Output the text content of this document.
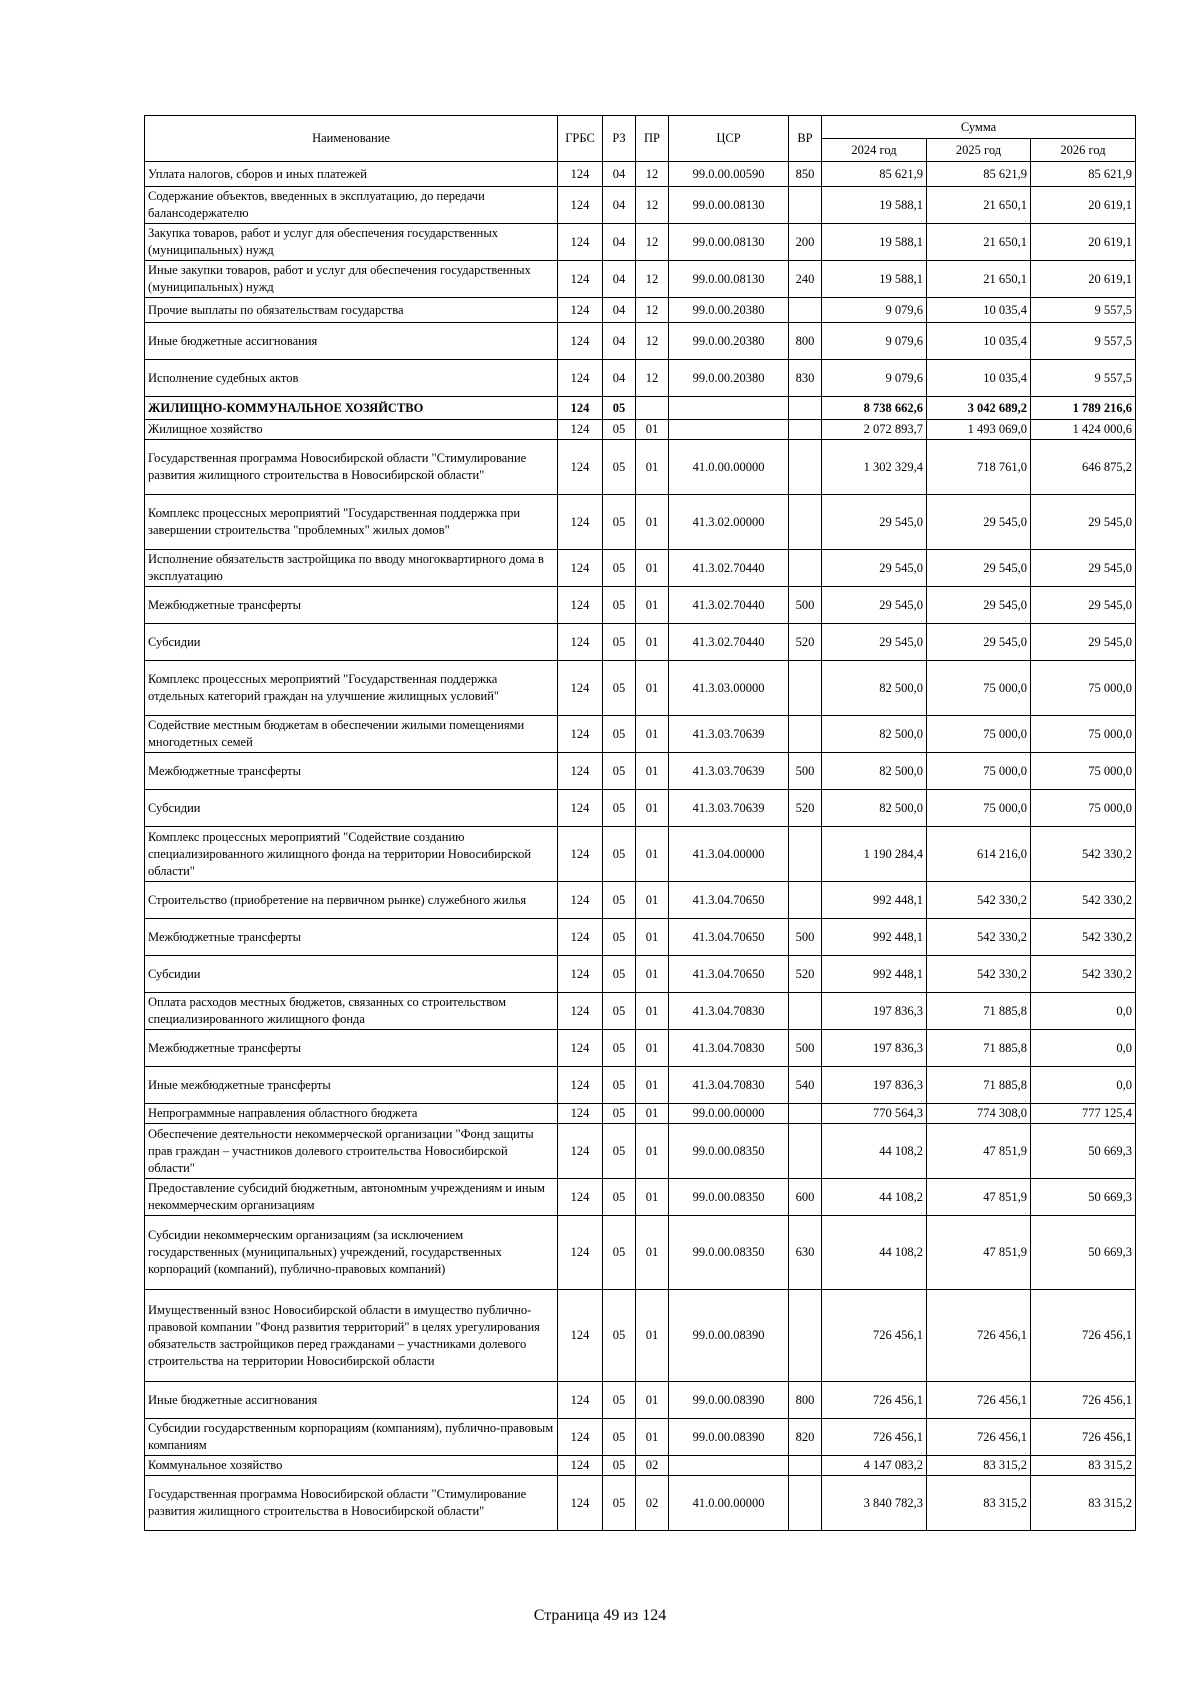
Наименование	ГРБС	РЗ	ПР	ЦСР	ВР	Сумма		
						2024 год	2025 год	2026 год
Уплата налогов, сборов и иных платежей	124	04	12	99.0.00.00590	850	85 621,9	85 621,9	85 621,9
Содержание объектов, введенных в эксплуатацию, до передачи балансодержателю	124	04	12	99.0.00.08130		19 588,1	21 650,1	20 619,1
Закупка товаров, работ и услуг для обеспечения государственных (муниципальных) нужд	124	04	12	99.0.00.08130	200	19 588,1	21 650,1	20 619,1
Иные закупки товаров, работ и услуг для обеспечения государственных (муниципальных) нужд	124	04	12	99.0.00.08130	240	19 588,1	21 650,1	20 619,1
Прочие выплаты по обязательствам государства	124	04	12	99.0.00.20380		9 079,6	10 035,4	9 557,5
Иные бюджетные ассигнования	124	04	12	99.0.00.20380	800	9 079,6	10 035,4	9 557,5
Исполнение судебных актов	124	04	12	99.0.00.20380	830	9 079,6	10 035,4	9 557,5
ЖИЛИЩНО-КОММУНАЛЬНОЕ ХОЗЯЙСТВО	124	05				8 738 662,6	3 042 689,2	1 789 216,6
Жилищное хозяйство	124	05	01			2 072 893,7	1 493 069,0	1 424 000,6
Государственная программа Новосибирской области "Стимулирование развития жилищного строительства в Новосибирской области"	124	05	01	41.0.00.00000		1 302 329,4	718 761,0	646 875,2
Комплекс процессных мероприятий "Государственная поддержка при завершении строительства "проблемных" жилых домов"	124	05	01	41.3.02.00000		29 545,0	29 545,0	29 545,0
Исполнение обязательств застройщика по вводу многоквартирного дома в эксплуатацию	124	05	01	41.3.02.70440		29 545,0	29 545,0	29 545,0
Межбюджетные трансферты	124	05	01	41.3.02.70440	500	29 545,0	29 545,0	29 545,0
Субсидии	124	05	01	41.3.02.70440	520	29 545,0	29 545,0	29 545,0
Комплекс процессных мероприятий "Государственная поддержка отдельных категорий граждан на улучшение жилищных условий"	124	05	01	41.3.03.00000		82 500,0	75 000,0	75 000,0
Содействие местным бюджетам в обеспечении жилыми помещениями многодетных семей	124	05	01	41.3.03.70639		82 500,0	75 000,0	75 000,0
Межбюджетные трансферты	124	05	01	41.3.03.70639	500	82 500,0	75 000,0	75 000,0
Субсидии	124	05	01	41.3.03.70639	520	82 500,0	75 000,0	75 000,0
Комплекс процессных мероприятий "Содействие созданию специализированного жилищного фонда на территории Новосибирской области"	124	05	01	41.3.04.00000		1 190 284,4	614 216,0	542 330,2
Строительство (приобретение на первичном рынке) служебного жилья	124	05	01	41.3.04.70650		992 448,1	542 330,2	542 330,2
Межбюджетные трансферты	124	05	01	41.3.04.70650	500	992 448,1	542 330,2	542 330,2
Субсидии	124	05	01	41.3.04.70650	520	992 448,1	542 330,2	542 330,2
Оплата расходов местных бюджетов, связанных со строительством специализированного жилищного фонда	124	05	01	41.3.04.70830		197 836,3	71 885,8	0,0
Межбюджетные трансферты	124	05	01	41.3.04.70830	500	197 836,3	71 885,8	0,0
Иные межбюджетные трансферты	124	05	01	41.3.04.70830	540	197 836,3	71 885,8	0,0
Непрограммные направления областного бюджета	124	05	01	99.0.00.00000		770 564,3	774 308,0	777 125,4
Обеспечение деятельности некоммерческой организации "Фонд защиты прав граждан – участников долевого строительства Новосибирской области"	124	05	01	99.0.00.08350		44 108,2	47 851,9	50 669,3
Предоставление субсидий бюджетным, автономным учреждениям и иным некоммерческим организациям	124	05	01	99.0.00.08350	600	44 108,2	47 851,9	50 669,3
Субсидии некоммерческим организациям (за исключением государственных (муниципальных) учреждений, государственных корпораций (компаний), публично-правовых компаний)	124	05	01	99.0.00.08350	630	44 108,2	47 851,9	50 669,3
Имущественный взнос Новосибирской области в имущество публично-правовой компании "Фонд развития территорий" в целях урегулирования обязательств застройщиков перед гражданами – участниками долевого строительства на территории Новосибирской области	124	05	01	99.0.00.08390		726 456,1	726 456,1	726 456,1
Иные бюджетные ассигнования	124	05	01	99.0.00.08390	800	726 456,1	726 456,1	726 456,1
Субсидии государственным корпорациям (компаниям), публично-правовым компаниям	124	05	01	99.0.00.08390	820	726 456,1	726 456,1	726 456,1
Коммунальное хозяйство	124	05	02			4 147 083,2	83 315,2	83 315,2
Государственная программа Новосибирской области "Стимулирование развития жилищного строительства в Новосибирской области"	124	05	02	41.0.00.00000		3 840 782,3	83 315,2	83 315,2
Страница 49 из 124
